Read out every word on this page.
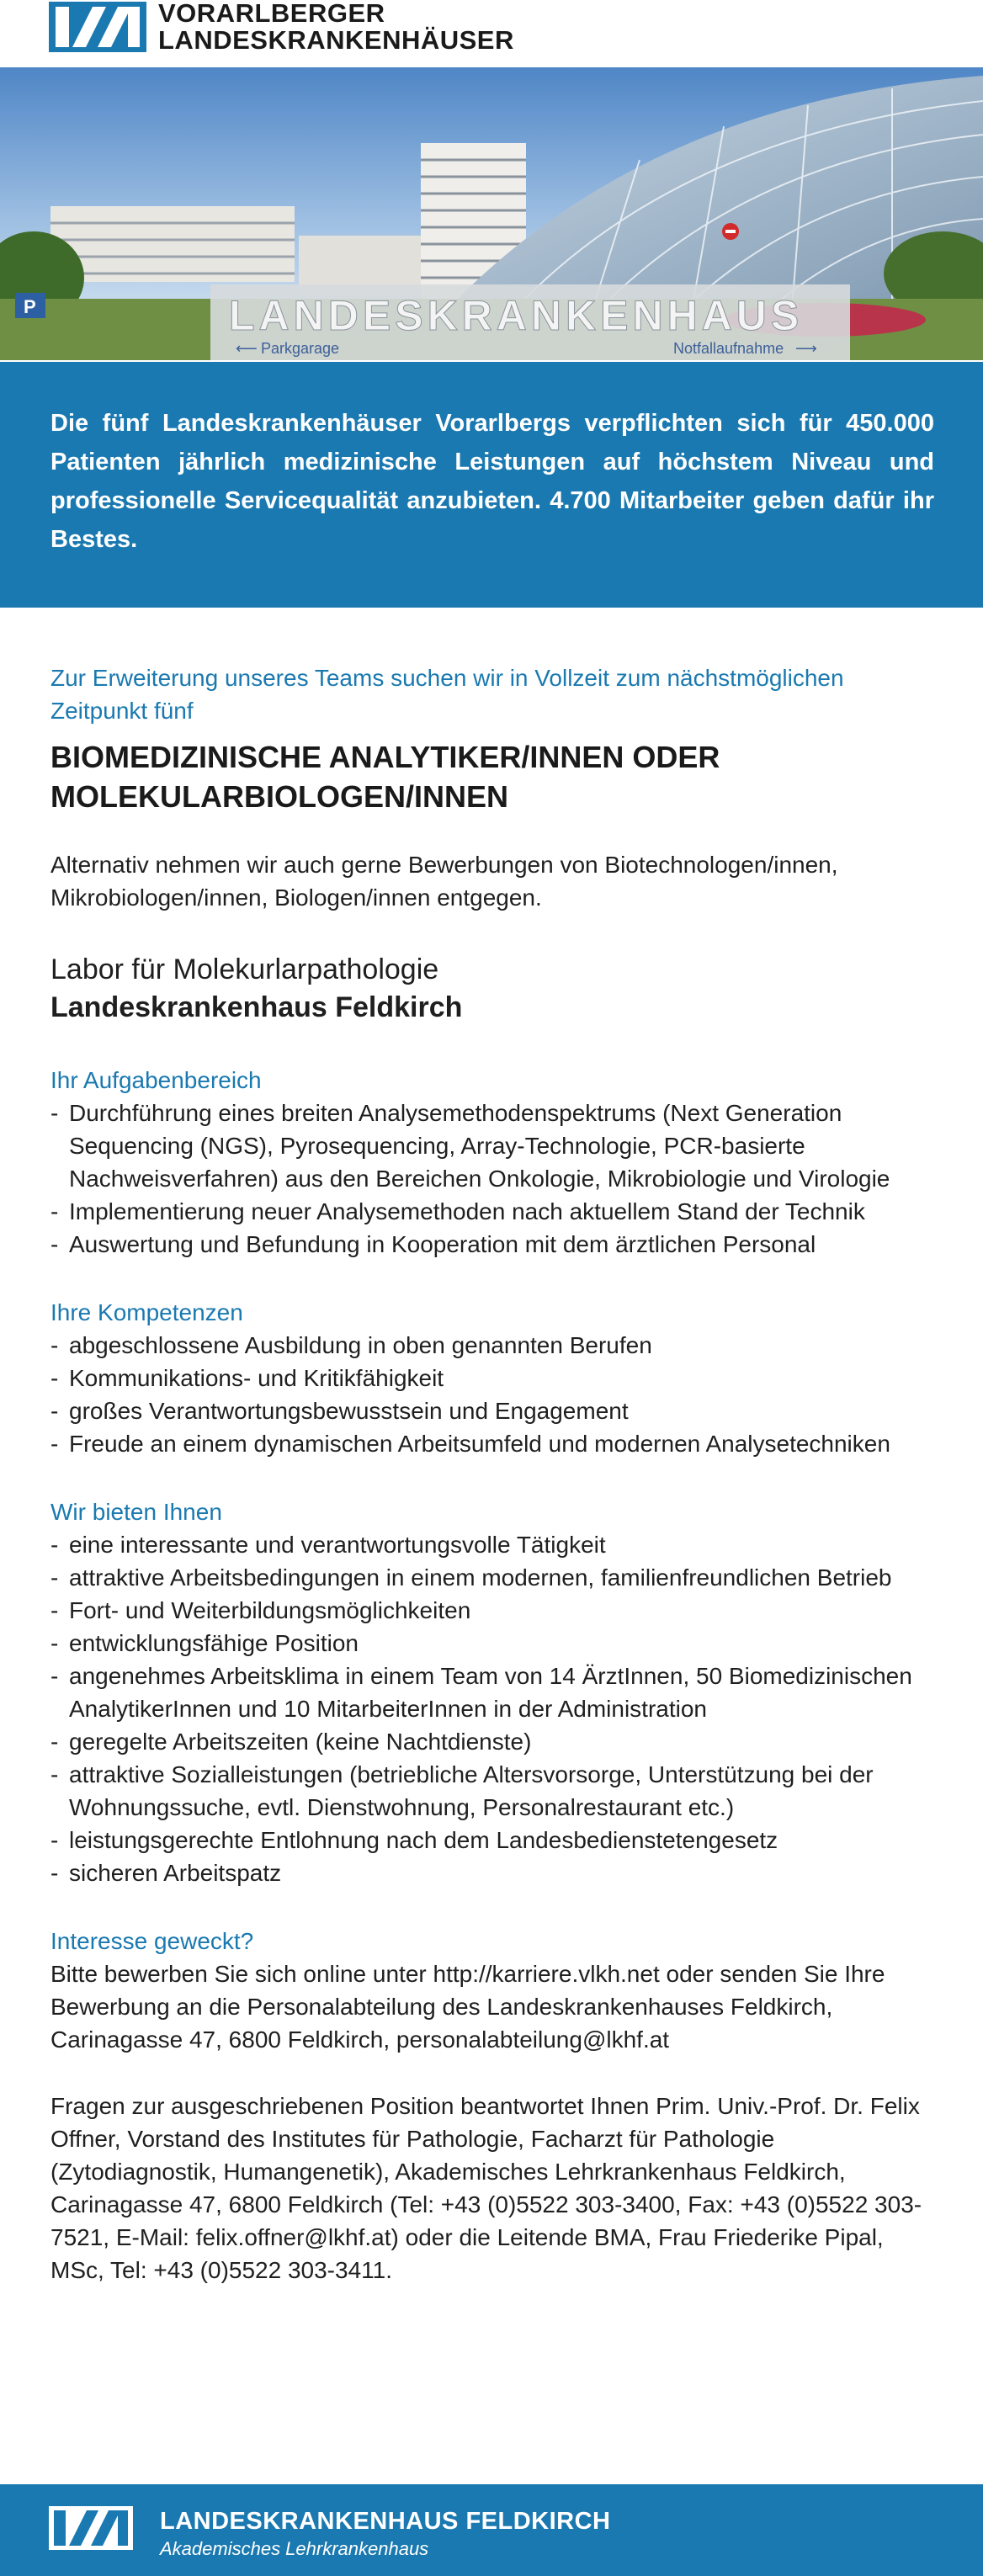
VORARLBERGER
LANDESKRANKENHÄUSER
P	LANDESKRANKENHAUS
⟵ Parkgarage	Notfallaufnahme ⟶
Die fünf Landeskrankenhäuser Vorarlbergs verpflichten sich für 450.000 Patienten jährlich medizinische Leistungen auf höchstem Niveau und professionelle Servicequalität anzubieten. 4.700 Mitarbeiter geben dafür ihr Bestes.

Zur Erweiterung unseres Teams suchen wir in Vollzeit zum nächstmöglichen Zeitpunkt fünf

BIOMEDIZINISCHE ANALYTIKER/INNEN ODER
MOLEKULARBIOLOGEN/INNEN

Alternativ nehmen wir auch gerne Bewerbungen von Biotechnologen/innen, Mikrobiologen/innen, Biologen/innen entgegen.

Labor für Molekurlarpathologie
Landeskrankenhaus Feldkirch
Ihr Aufgabenbereich
- Durchführung eines breiten Analysemethodenspektrums (Next Generation Sequencing (NGS), Pyrosequencing, Array-Technologie, PCR-basierte Nachweisverfahren) aus den Bereichen Onkologie, Mikrobiologie und Virologie
- Implementierung neuer Analysemethoden nach aktuellem Stand der Technik
- Auswertung und Befundung in Kooperation mit dem ärztlichen Personal
Ihre Kompetenzen
- abgeschlossene Ausbildung in oben genannten Berufen
- Kommunikations- und Kritikfähigkeit
- großes Verantwortungsbewusstsein und Engagement
- Freude an einem dynamischen Arbeitsumfeld und modernen Analysetechniken
Wir bieten Ihnen
- eine interessante und verantwortungsvolle Tätigkeit
- attraktive Arbeitsbedingungen in einem modernen, familienfreundlichen Betrieb
- Fort- und Weiterbildungsmöglichkeiten
- entwicklungsfähige Position
- angenehmes Arbeitsklima in einem Team von 14 ÄrztInnen, 50 Biomedizinischen AnalytikerInnen und 10 MitarbeiterInnen in der Administration
- geregelte Arbeitszeiten (keine Nachtdienste)
- attraktive Sozialleistungen (betriebliche Altersvorsorge, Unterstützung bei der Wohnungssuche, evtl. Dienstwohnung, Personalrestaurant etc.)
- leistungsgerechte Entlohnung nach dem Landesbedienstetengesetz
- sicheren Arbeitspatz
Interesse geweckt?

Bitte bewerben Sie sich online unter http://karriere.vlkh.net oder senden Sie Ihre Bewerbung an die Personalabteilung des Landeskrankenhauses Feldkirch, Carinagasse 47, 6800 Feldkirch, personalabteilung@lkhf.at

Fragen zur ausgeschriebenen Position beantwortet Ihnen Prim. Univ.-Prof. Dr. Felix Offner, Vorstand des Institutes für Pathologie, Facharzt für Pathologie (Zytodiagnostik, Humangenetik), Akademisches Lehrkrankenhaus Feldkirch, Carinagasse 47, 6800 Feldkirch (Tel: +43 (0)5522 303-3400, Fax: +43 (0)5522 303-7521, E-Mail: felix.offner@lkhf.at) oder die Leitende BMA, Frau Friederike Pipal, MSc, Tel: +43 (0)5522 303-3411.

LANDESKRANKENHAUS FELDKIRCH
Akademisches Lehrkrankenhaus
